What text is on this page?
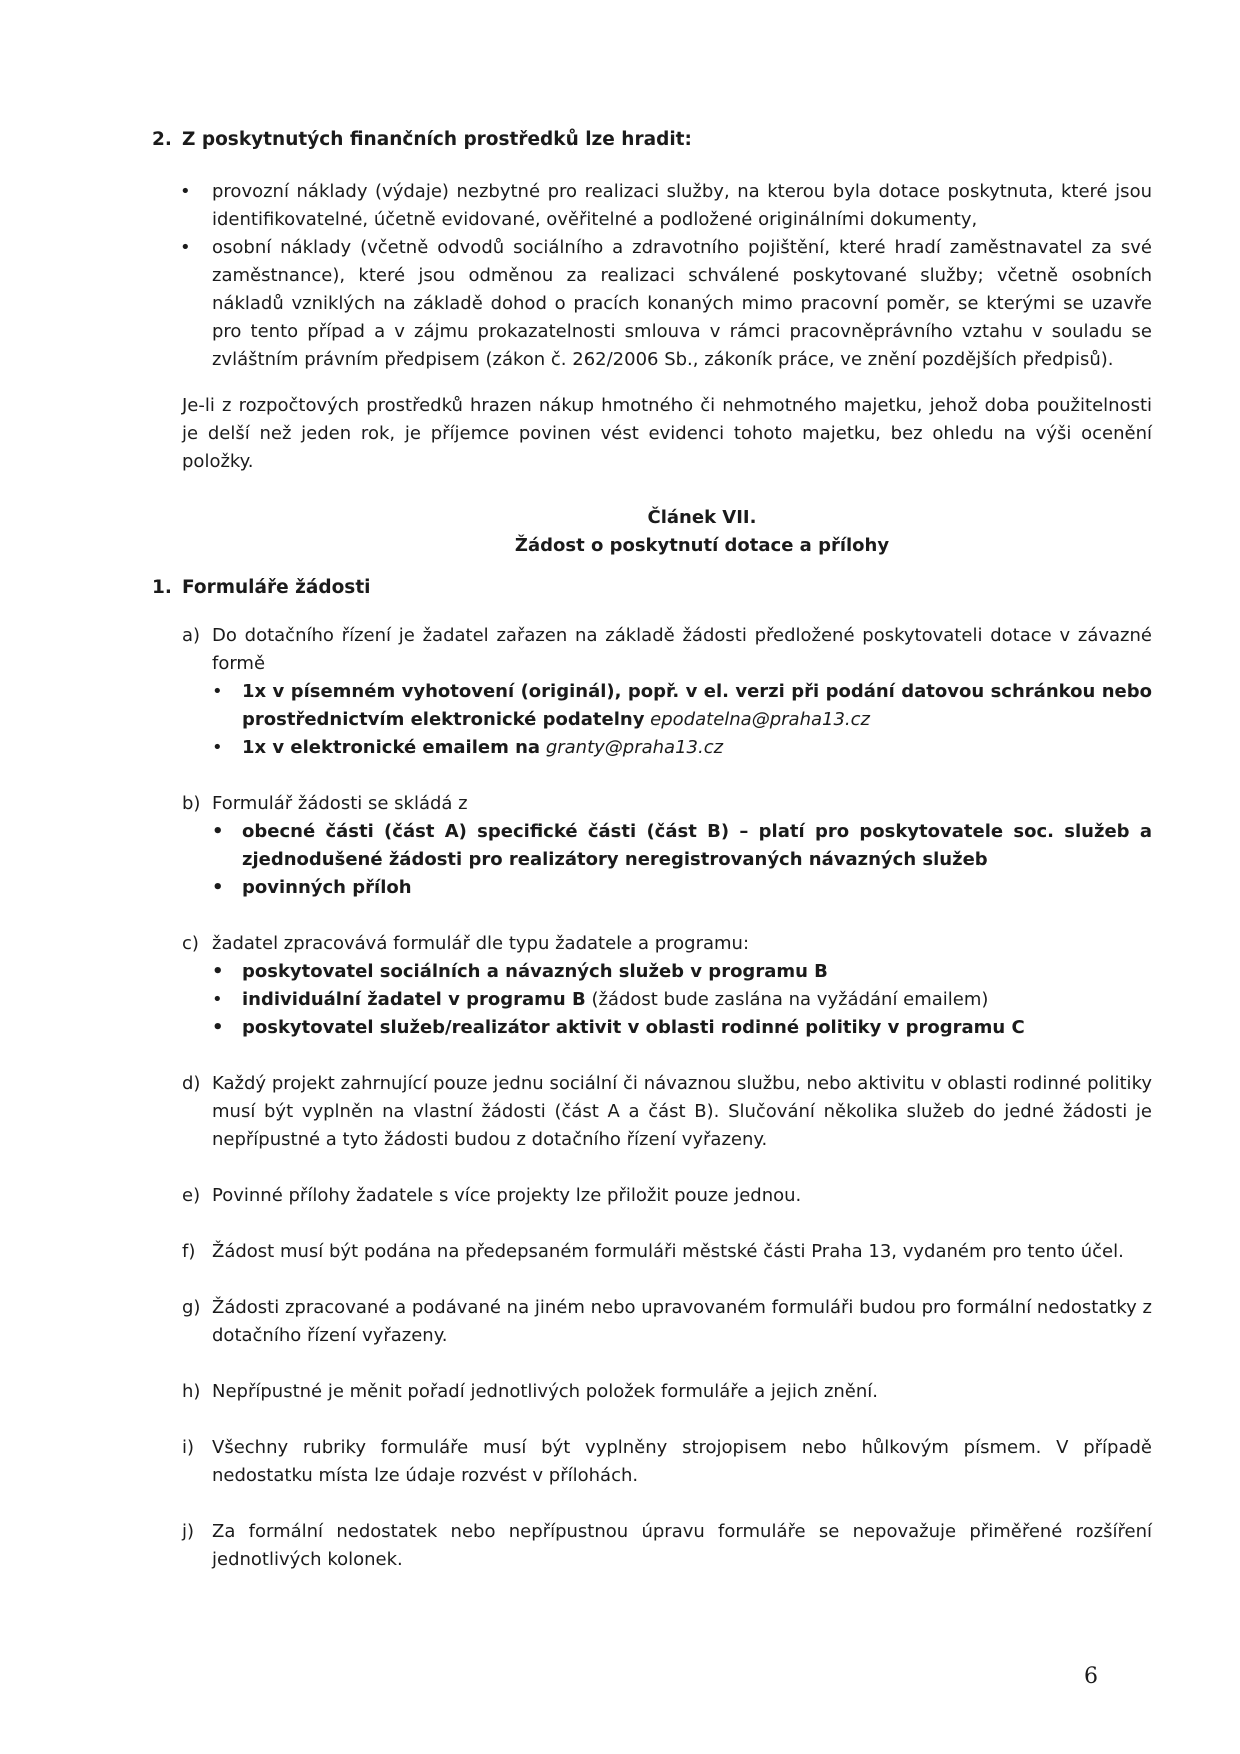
2. Z poskytnutých finančních prostředků lze hradit:
• provozní náklady (výdaje) nezbytné pro realizaci služby, na kterou byla dotace poskytnuta, které jsou identifikovatelné, účetně evidované, ověřitelné a podložené originálními dokumenty,
• osobní náklady (včetně odvodů sociálního a zdravotního pojištění, které hradí zaměstnavatel za své zaměstnance), které jsou odměnou za realizaci schválené poskytované služby; včetně osobních nákladů vzniklých na základě dohod o pracích konaných mimo pracovní poměr, se kterými se uzavře pro tento případ a v zájmu prokazatelnosti smlouva v rámci pracovněprávního vztahu v souladu se zvláštním právním předpisem (zákon č. 262/2006 Sb., zákoník práce, ve znění pozdějších předpisů).

Je-li z rozpočtových prostředků hrazen nákup hmotného či nehmotného majetku, jehož doba použitelnosti je delší než jeden rok, je příjemce povinen vést evidenci tohoto majetku, bez ohledu na výši ocenění položky.

Článek VII.
Žádost o poskytnutí dotace a přílohy
1. Formuláře žádosti
a) Do dotačního řízení je žadatel zařazen na základě žádosti předložené poskytovateli dotace v závazné formě
• 1x v písemném vyhotovení (originál), popř. v el. verzi při podání datovou schránkou nebo prostřednictvím elektronické podatelny epodatelna@praha13.cz
• 1x v elektronické emailem na granty@praha13.cz
b) Formulář žádosti se skládá z
• obecné části (část A) specifické části (část B) – platí pro poskytovatele soc. služeb a zjednodušené žádosti pro realizátory neregistrovaných návazných služeb
• povinných příloh
c) žadatel zpracovává formulář dle typu žadatele a programu:
• poskytovatel sociálních a návazných služeb v programu B
• individuální žadatel v programu B (žádost bude zaslána na vyžádání emailem)
• poskytovatel služeb/realizátor aktivit v oblasti rodinné politiky v programu C
d) Každý projekt zahrnující pouze jednu sociální či návaznou službu, nebo aktivitu v oblasti rodinné politiky musí být vyplněn na vlastní žádosti (část A a část B). Slučování několika služeb do jedné žádosti je nepřípustné a tyto žádosti budou z dotačního řízení vyřazeny.
e) Povinné přílohy žadatele s více projekty lze přiložit pouze jednou.
f) Žádost musí být podána na předepsaném formuláři městské části Praha 13, vydaném pro tento účel.
g) Žádosti zpracované a podávané na jiném nebo upravovaném formuláři budou pro formální nedostatky z dotačního řízení vyřazeny.
h) Nepřípustné je měnit pořadí jednotlivých položek formuláře a jejich znění.
i) Všechny rubriky formuláře musí být vyplněny strojopisem nebo hůlkovým písmem. V případě nedostatku místa lze údaje rozvést v přílohách.
j) Za formální nedostatek nebo nepřípustnou úpravu formuláře se nepovažuje přiměřené rozšíření jednotlivých kolonek.
6
